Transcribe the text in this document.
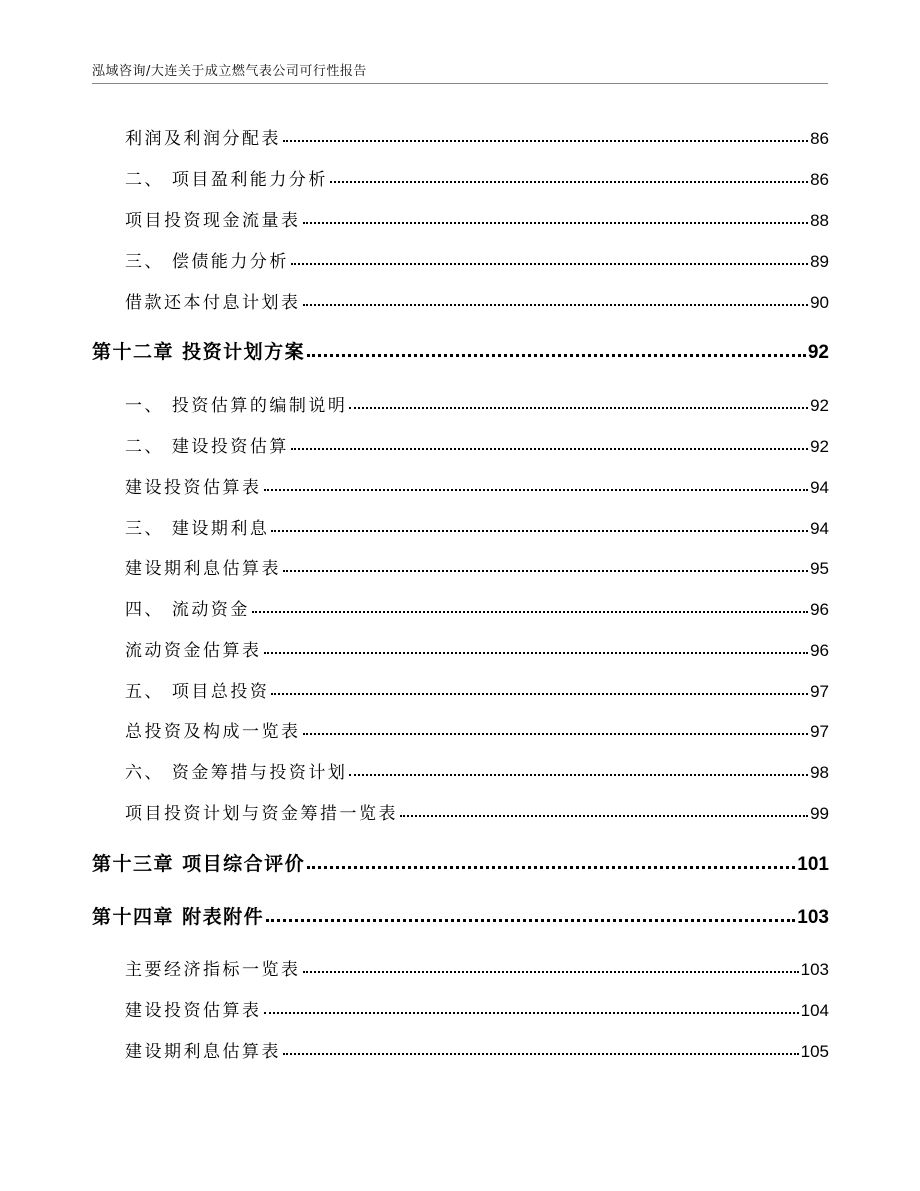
泓域咨询/大连关于成立燃气表公司可行性报告
利润及利润分配表	86
二、 项目盈利能力分析	86
项目投资现金流量表	88
三、 偿债能力分析	89
借款还本付息计划表	90
第十二章 投资计划方案	92
一、 投资估算的编制说明	92
二、 建设投资估算	92
建设投资估算表	94
三、 建设期利息	94
建设期利息估算表	95
四、 流动资金	96
流动资金估算表	96
五、 项目总投资	97
总投资及构成一览表	97
六、 资金筹措与投资计划	98
项目投资计划与资金筹措一览表	99
第十三章 项目综合评价	101
第十四章 附表附件	103
主要经济指标一览表	103
建设投资估算表	104
建设期利息估算表	105
